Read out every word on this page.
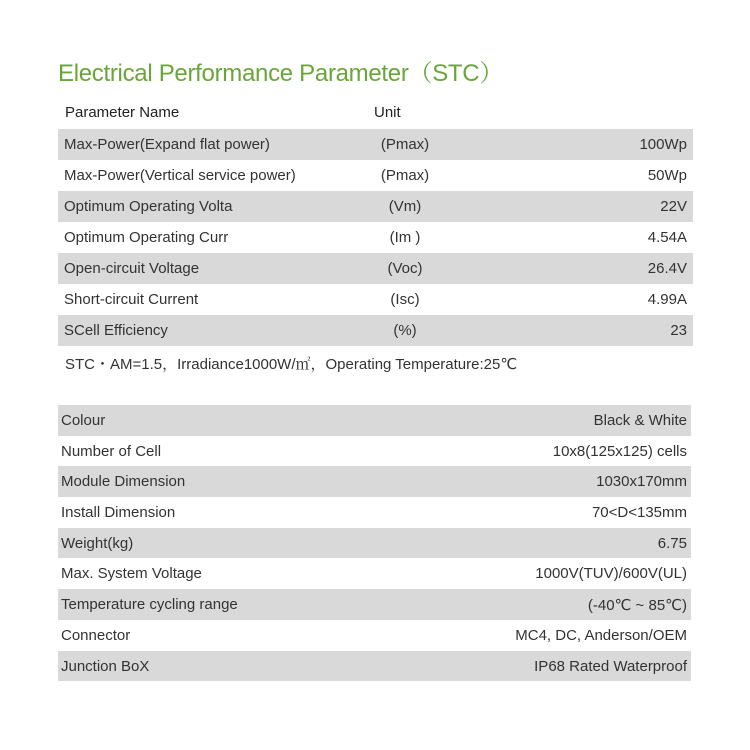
Electrical Performance Parameter（STC）
Parameter Name	Unit
Max-Power(Expand flat power)	(Pmax)	100Wp
Max-Power(Vertical service power)	(Pmax)	50Wp
Optimum Operating Volta	(Vm)	22V
Optimum Operating Curr	(Im )	4.54A
Open-circuit Voltage	(Voc)	26.4V
Short-circuit Current	(Isc)	4.99A
SCell Efficiency	(%)	23
STC・AM=1.5，Irradiance1000W/㎡，Operating Temperature:25℃
Colour	Black & White
Number of Cell	10x8(125x125) cells
Module Dimension	1030x170mm
Install Dimension	70<D<135mm
Weight(kg)	6.75
Max. System Voltage	1000V(TUV)/600V(UL)
Temperature cycling range	(-40℃ ~ 85℃)
Connector	MC4, DC, Anderson/OEM
Junction BoX	IP68 Rated Waterproof
